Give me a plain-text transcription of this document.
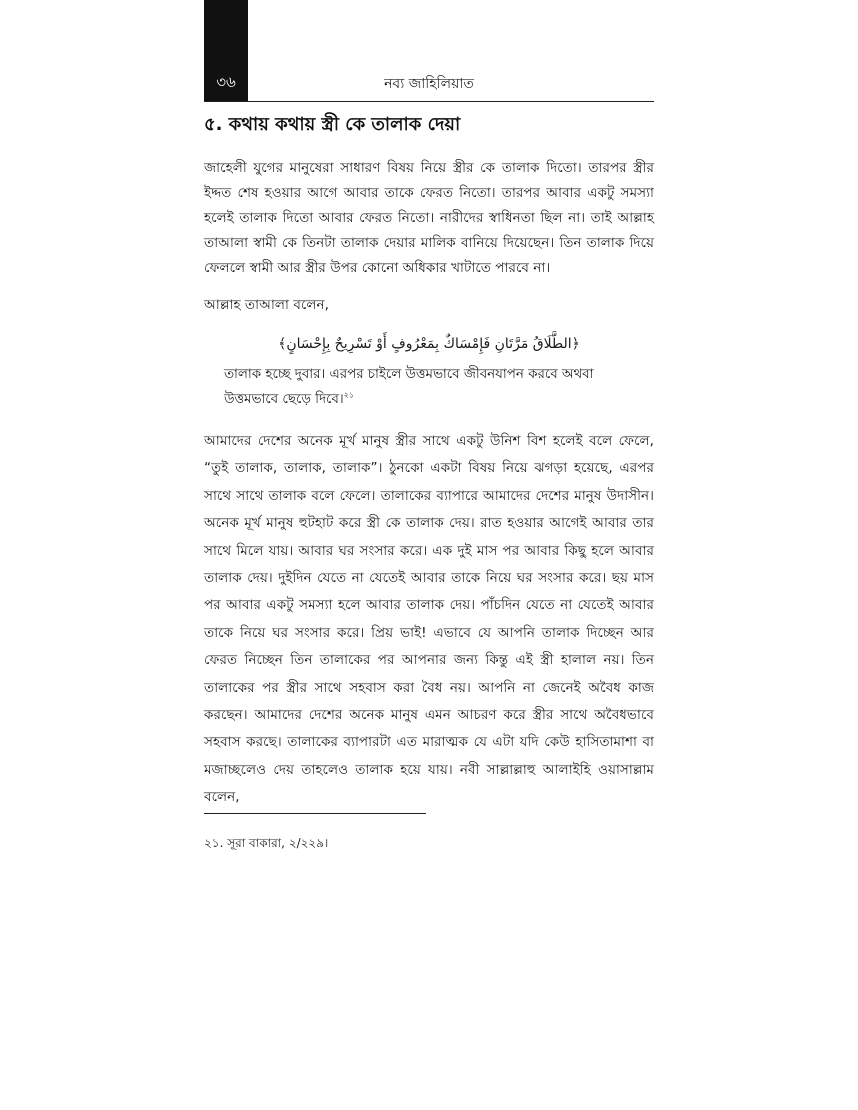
৩৬	নব্য জাহিলিয়াত
৫. কথায় কথায় স্ত্রী কে তালাক দেয়া

জাহেলী যুগের মানুষেরা সাধারণ বিষয় নিয়ে স্ত্রীর কে তালাক দিতো। তারপর স্ত্রীর ইদ্দত শেষ হওয়ার আগে আবার তাকে ফেরত নিতো। তারপর আবার একটু সমস্যা হলেই তালাক দিতো আবার ফেরত নিতো। নারীদের স্বাধিনতা ছিল না। তাই আল্লাহ তাআলা স্বামী কে তিনটা তালাক দেয়ার মালিক বানিয়ে দিয়েছেন। তিন তালাক দিয়ে ফেললে স্বামী আর স্ত্রীর উপর কোনো অধিকার খাটাতে পারবে না।

আল্লাহ তাআলা বলেন,

﴿الطَّلَاقُ مَرَّتَانِ فَإِمْسَاكٌ بِمَعْرُوفٍ أَوْ تَسْرِيحٌ بِإِحْسَانٍ﴾

তালাক হচ্ছে দুবার। এরপর চাইলে উত্তমভাবে জীবনযাপন করবে অথবা উত্তমভাবে ছেড়ে দিবে।$^{২১}$

আমাদের দেশের অনেক মূর্খ মানুষ স্ত্রীর সাথে একটু উনিশ বিশ হলেই বলে ফেলে, “তুই তালাক, তালাক, তালাক”। ঠুনকো একটা বিষয় নিয়ে ঝগড়া হয়েছে, এরপর সাথে সাথে তালাক বলে ফেলে। তালাকের ব্যাপারে আমাদের দেশের মানুষ উদাসীন। অনেক মূর্খ মানুষ হুটহাট করে স্ত্রী কে তালাক দেয়। রাত হওয়ার আগেই আবার তার সাথে মিলে যায়। আবার ঘর সংসার করে। এক দুই মাস পর আবার কিছু হলে আবার তালাক দেয়। দুইদিন যেতে না যেতেই আবার তাকে নিয়ে ঘর সংসার করে। ছয় মাস পর আবার একটু সমস্যা হলে আবার তালাক দেয়। পাঁচদিন যেতে না যেতেই আবার তাকে নিয়ে ঘর সংসার করে। প্রিয় ভাই! এভাবে যে আপনি তালাক দিচ্ছেন আর ফেরত নিচ্ছেন তিন তালাকের পর আপনার জন্য কিন্তু এই স্ত্রী হালাল নয়। তিন তালাকের পর স্ত্রীর সাথে সহবাস করা বৈধ নয়। আপনি না জেনেই অবৈধ কাজ করছেন। আমাদের দেশের অনেক মানুষ এমন আচরণ করে স্ত্রীর সাথে অবৈধভাবে সহবাস করছে। তালাকের ব্যাপারটা এত মারাত্মক যে এটা যদি কেউ হাসিতামাশা বা মজাচ্ছলেও দেয় তাহলেও তালাক হয়ে যায়। নবী সাল্লাল্লাহু আলাইহি ওয়াসাল্লাম বলেন,

২১. সূরা বাকারা, ২/২২৯।
